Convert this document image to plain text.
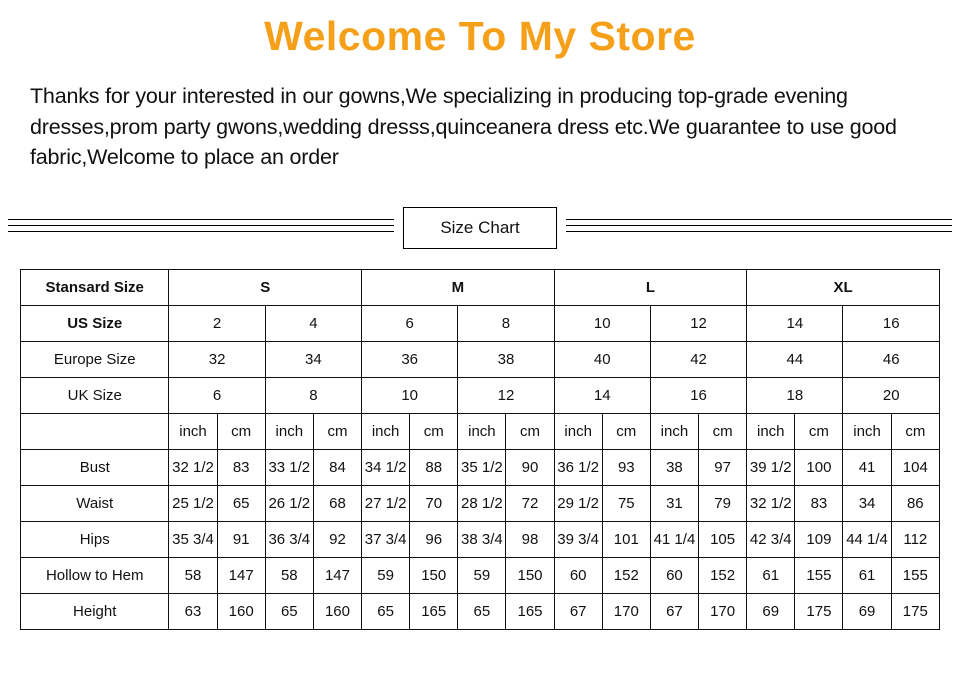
Welcome To My Store
Thanks for your interested in our gowns,We specializing in producing top-grade evening dresses,prom party gwons,wedding dresss,quinceanera dress etc.We guarantee to use good fabric,Welcome to place an order
Size Chart
Stansard Size	S				M				L				XL			
US Size	2		4		6		8		10		12		14		16	
Europe Size	32		34		36		38		40		42		44		46	
UK Size	6		8		10		12		14		16		18		20	
	inch	cm	inch	cm	inch	cm	inch	cm	inch	cm	inch	cm	inch	cm	inch	cm
Bust	32 1/2	83	33 1/2	84	34 1/2	88	35 1/2	90	36 1/2	93	38	97	39 1/2	100	41	104
Waist	25 1/2	65	26 1/2	68	27 1/2	70	28 1/2	72	29 1/2	75	31	79	32 1/2	83	34	86
Hips	35 3/4	91	36 3/4	92	37 3/4	96	38 3/4	98	39 3/4	101	41 1/4	105	42 3/4	109	44 1/4	112
Hollow to Hem	58	147	58	147	59	150	59	150	60	152	60	152	61	155	61	155
Height	63	160	65	160	65	165	65	165	67	170	67	170	69	175	69	175
